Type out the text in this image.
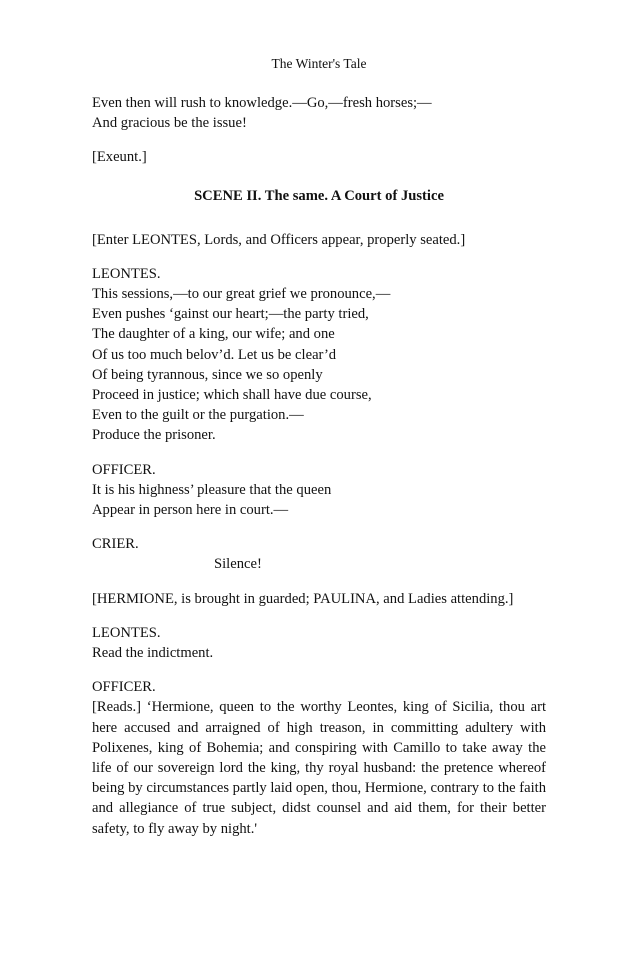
The Winter's Tale

Even then will rush to knowledge.—Go,—fresh horses;—
And gracious be the issue!

[Exeunt.]

SCENE II. The same. A Court of Justice

[Enter LEONTES, Lords, and Officers appear, properly seated.]

LEONTES.
This sessions,—to our great grief we pronounce,—
Even pushes ‘gainst our heart;—the party tried,
The daughter of a king, our wife; and one
Of us too much belov’d. Let us be clear’d
Of being tyrannous, since we so openly
Proceed in justice; which shall have due course,
Even to the guilt or the purgation.—
Produce the prisoner.

OFFICER.
It is his highness’ pleasure that the queen
Appear in person here in court.—

CRIER.
Silence!

[HERMIONE, is brought in guarded; PAULINA, and Ladies attending.]

LEONTES.
Read the indictment.

OFFICER.
[Reads.] ‘Hermione, queen to the worthy Leontes, king of Sicilia, thou art here accused and arraigned of high treason, in committing adultery with Polixenes, king of Bohemia; and conspiring with Camillo to take away the life of our sovereign lord the king, thy royal husband: the pretence whereof being by circumstances partly laid open, thou, Hermione, contrary to the faith and allegiance of true subject, didst counsel and aid them, for their better safety, to fly away by night.'
